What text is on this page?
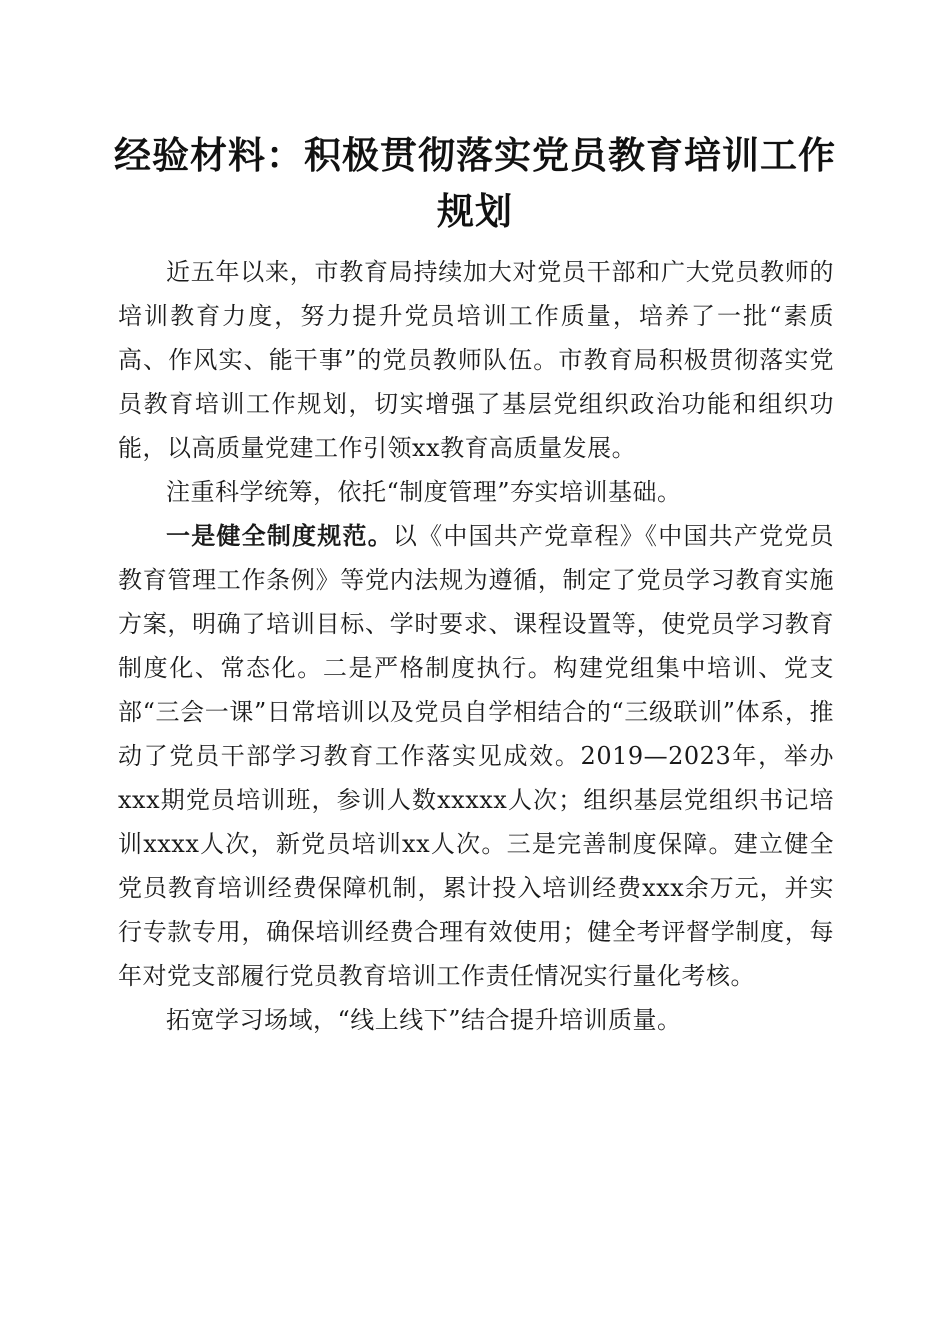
经验材料：积极贯彻落实党员教育培训工作规划

近五年以来，市教育局持续加大对党员干部和广大党员教师的培训教育力度，努力提升党员培训工作质量，培养了一批“素质高、作风实、能干事”的党员教师队伍。市教育局积极贯彻落实党员教育培训工作规划，切实增强了基层党组织政治功能和组织功能，以高质量党建工作引领xx教育高质量发展。

注重科学统筹，依托“制度管理”夯实培训基础。

一是健全制度规范。以《中国共产党章程》《中国共产党党员教育管理工作条例》等党内法规为遵循，制定了党员学习教育实施方案，明确了培训目标、学时要求、课程设置等，使党员学习教育制度化、常态化。二是严格制度执行。构建党组集中培训、党支部“三会一课”日常培训以及党员自学相结合的“三级联训”体系，推动了党员干部学习教育工作落实见成效。2019—2023年，举办xxx期党员培训班，参训人数xxxxx人次；组织基层党组织书记培训xxxx人次，新党员培训xx人次。三是完善制度保障。建立健全党员教育培训经费保障机制，累计投入培训经费xxx余万元，并实行专款专用，确保培训经费合理有效使用；健全考评督学制度，每年对党支部履行党员教育培训工作责任情况实行量化考核。

拓宽学习场域，“线上线下”结合提升培训质量。
